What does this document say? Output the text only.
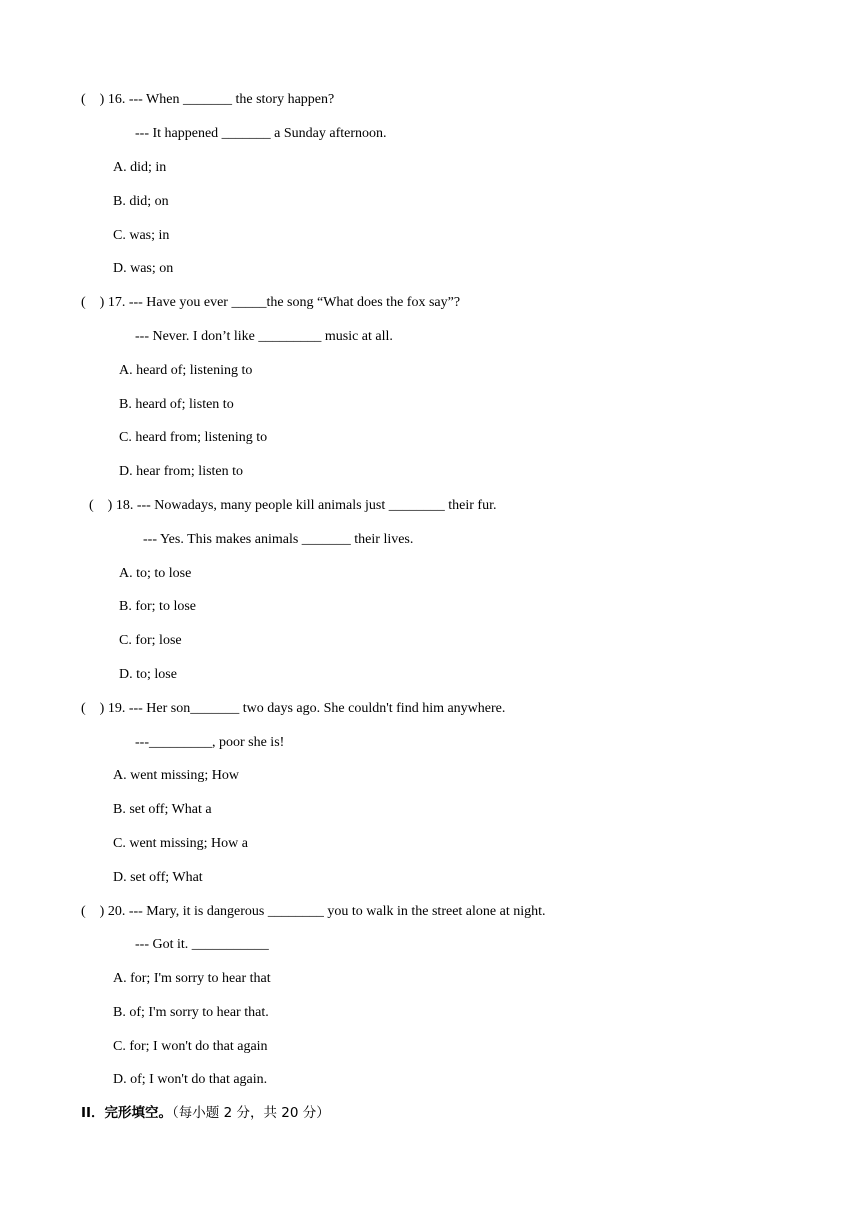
(    ) 16. --- When _______ the story happen?
--- It happened _______ a Sunday afternoon.
A. did; in
B. did; on
C. was; in
D. was; on
(    ) 17. --- Have you ever _____the song “What does the fox say”?
--- Never. I don’t like _________ music at all.
A. heard of; listening to
B. heard of; listen to
C. heard from; listening to
D. hear from; listen to
(    ) 18. --- Nowadays, many people kill animals just ________ their fur.
--- Yes. This makes animals _______ their lives.
A. to; to lose
B. for; to lose
C. for; lose
D. to; lose
(    ) 19. --- Her son_______ two days ago. She couldn't find him anywhere.
---_________, poor she is!
A. went missing; How
B. set off; What a
C. went missing; How a
D. set off; What
(    ) 20. --- Mary, it is dangerous ________ you to walk in the street alone at night.
--- Got it. ___________
A. for; I'm sorry to hear that
B. of; I'm sorry to hear that.
C. for; I won't do that again
D. of; I won't do that again.
II．完形填空。（每小题 2 分，共 20 分）
